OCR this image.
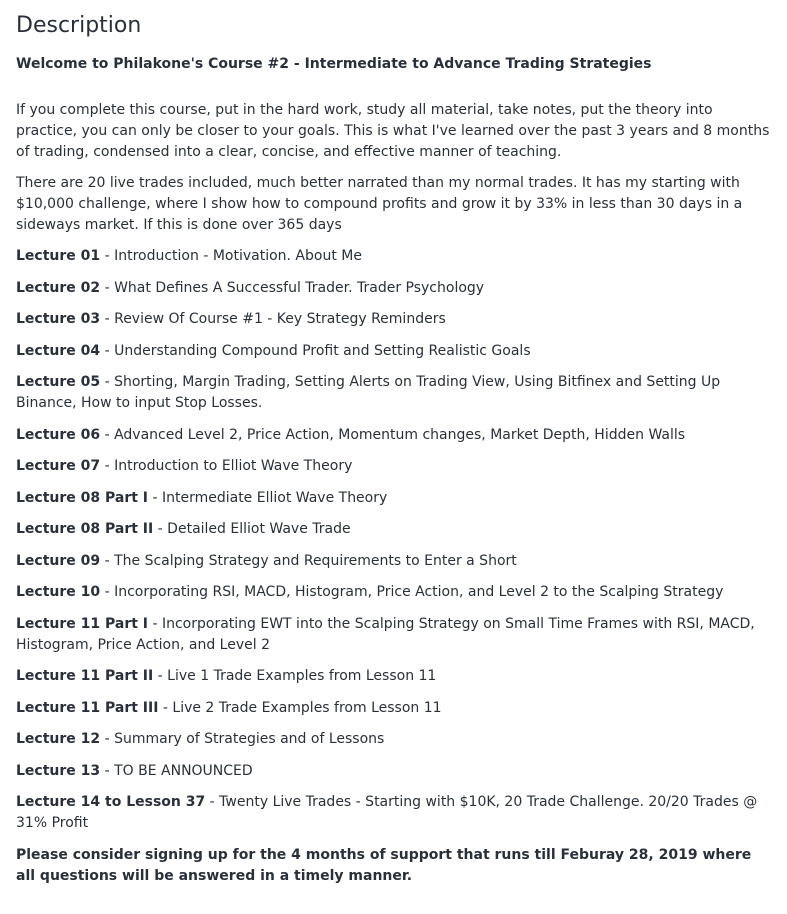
Description

Welcome to Philakone's Course #2 - Intermediate to Advance Trading Strategies

If you complete this course, put in the hard work, study all material, take notes, put the theory into practice, you can only be closer to your goals. This is what I've learned over the past 3 years and 8 months of trading, condensed into a clear, concise, and effective manner of teaching.

There are 20 live trades included, much better narrated than my normal trades. It has my starting with $10,000 challenge, where I show how to compound profits and grow it by 33% in less than 30 days in a sideways market. If this is done over 365 days

Lecture 01 - Introduction - Motivation. About Me

Lecture 02 - What Defines A Successful Trader. Trader Psychology

Lecture 03 - Review Of Course #1 - Key Strategy Reminders

Lecture 04 - Understanding Compound Profit and Setting Realistic Goals

Lecture 05 - Shorting, Margin Trading, Setting Alerts on Trading View, Using Bitfinex and Setting Up Binance, How to input Stop Losses.

Lecture 06 - Advanced Level 2, Price Action, Momentum changes, Market Depth, Hidden Walls

Lecture 07 - Introduction to Elliot Wave Theory

Lecture 08 Part I - Intermediate Elliot Wave Theory

Lecture 08 Part II - Detailed Elliot Wave Trade

Lecture 09 - The Scalping Strategy and Requirements to Enter a Short

Lecture 10 - Incorporating RSI, MACD, Histogram, Price Action, and Level 2 to the Scalping Strategy

Lecture 11 Part I - Incorporating EWT into the Scalping Strategy on Small Time Frames with RSI, MACD, Histogram, Price Action, and Level 2

Lecture 11 Part II - Live 1 Trade Examples from Lesson 11

Lecture 11 Part III - Live 2 Trade Examples from Lesson 11

Lecture 12 - Summary of Strategies and of Lessons

Lecture 13 - TO BE ANNOUNCED

Lecture 14 to Lesson 37 - Twenty Live Trades - Starting with $10K, 20 Trade Challenge. 20/20 Trades @ 31% Profit

Please consider signing up for the 4 months of support that runs till Feburay 28, 2019 where all questions will be answered in a timely manner.
